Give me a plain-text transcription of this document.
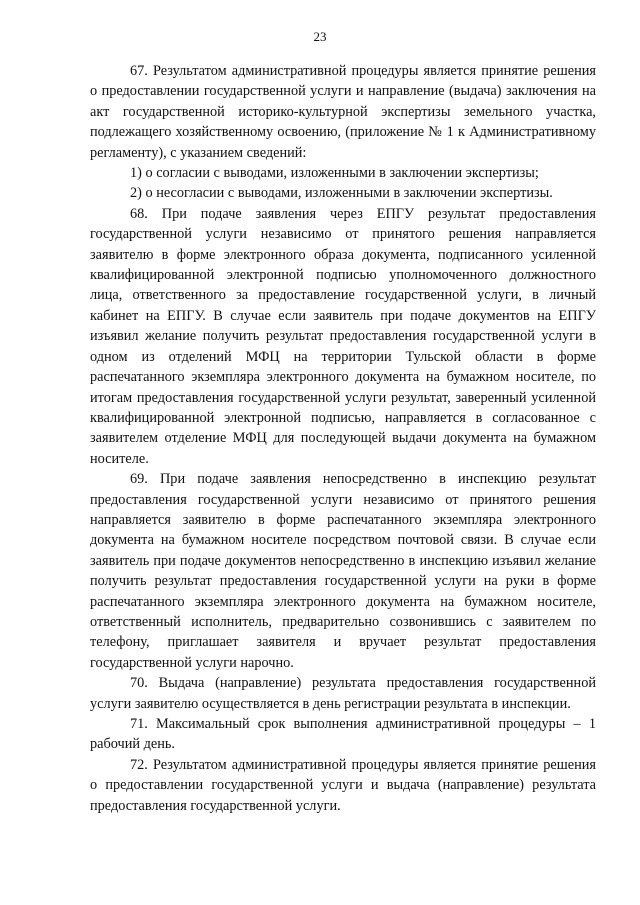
23

67. Результатом административной процедуры является принятие решения о предоставлении государственной услуги и направление (выдача) заключения на акт государственной историко-культурной экспертизы земельного участка, подлежащего хозяйственному освоению, (приложение № 1 к Административному регламенту), с указанием сведений:

1) о согласии с выводами, изложенными в заключении экспертизы;

2) о несогласии с выводами, изложенными в заключении экспертизы.

68. При подаче заявления через ЕПГУ результат предоставления государственной услуги независимо от принятого решения направляется заявителю в форме электронного образа документа, подписанного усиленной квалифицированной электронной подписью уполномоченного должностного лица, ответственного за предоставление государственной услуги, в личный кабинет на ЕПГУ. В случае если заявитель при подаче документов на ЕПГУ изъявил желание получить результат предоставления государственной услуги в одном из отделений МФЦ на территории Тульской области в форме распечатанного экземпляра электронного документа на бумажном носителе, по итогам предоставления государственной услуги результат, заверенный усиленной квалифицированной электронной подписью, направляется в согласованное с заявителем отделение МФЦ для последующей выдачи документа на бумажном носителе.

69. При подаче заявления непосредственно в инспекцию результат предоставления государственной услуги независимо от принятого решения направляется заявителю в форме распечатанного экземпляра электронного документа на бумажном носителе посредством почтовой связи. В случае если заявитель при подаче документов непосредственно в инспекцию изъявил желание получить результат предоставления государственной услуги на руки в форме распечатанного экземпляра электронного документа на бумажном носителе, ответственный исполнитель, предварительно созвонившись с заявителем по телефону, приглашает заявителя и вручает результат предоставления государственной услуги нарочно.

70. Выдача (направление) результата предоставления государственной услуги заявителю осуществляется в день регистрации результата в инспекции.

71. Максимальный срок выполнения административной процедуры – 1 рабочий день.

72. Результатом административной процедуры является принятие решения о предоставлении государственной услуги и выдача (направление) результата предоставления государственной услуги.
